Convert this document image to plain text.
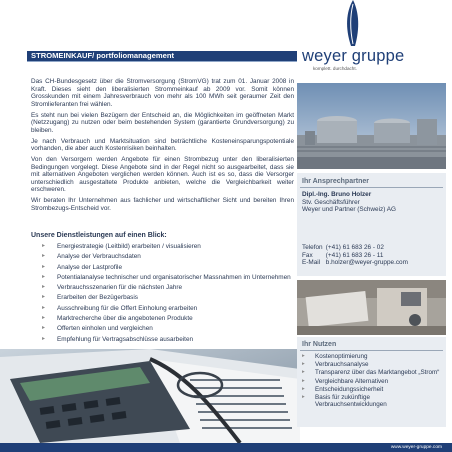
weyer gruppe
komplett. durchdacht.
STROMEINKAUF/ portfoliomanagement

Das CH-Bundesgesetz über die Stromversorgung (StromVG) trat zum 01. Januar 2008 in Kraft. Dieses sieht den liberalisierten Strommeinkauf ab 2009 vor. Somit können Grosskunden mit einem Jahresverbrauch von mehr als 100 MWh seit geraumer Zeit den Stromlieferanten frei wählen.

Es steht nun bei vielen Bezügern der Entscheid an, die Möglichkeiten im geöffneten Markt (Netzzugang) zu nutzen oder beim bestehenden System (garantierte Grundversorgung) zu bleiben.

Je nach Verbrauch und Marktsituation sind beträchtliche Kosteneinsparungspotentiale vorhanden, die aber auch Kostenrisiken beinhalten.

Von den Versorgern werden Angebote für einen Strombezug unter den liberalisierten Bedingungen vorgelegt. Diese Angebote sind in der Regel nicht so ausgearbeitet, dass sie mit alternativen Angeboten verglichen werden können. Auch ist es so, dass die Versorger unterschiedlich ausgestaltete Produkte anbieten, welche die Vergleichbarkeit weiter erschweren.

Wir beraten Ihr Unternehmen aus fachlicher und wirtschaftlicher Sicht und bereiten Ihren Strombezugs-Entscheid vor.

Unsere Dienstleistungen auf einen Blick:
▸ Energiestrategie (Leitbild) erarbeiten / visualisieren
▸ Analyse der Verbrauchsdaten
▸ Analyse der Lastprofile
▸ Potentialanalyse technischer und organisatorischer Massnahmen im Unternehmen
▸ Verbrauchsszenarien für die nächsten Jahre
▸ Erarbeiten der Bezügerbasis
▸ Ausschreibung für die Offert Einholung erarbeiten
▸ Marktrecherche über die angebotenen Produkte
▸ Offerten einholen und vergleichen
▸ Empfehlung für Vertragsabschlüsse ausarbeiten
Ihr Ansprechpartner
Dipl.-Ing. Bruno Holzer
Stv. Geschäftsführer
Weyer und Partner (Schweiz) AG
Telefon (+41) 61 683 26 - 02
Fax (+41) 61 683 26 - 11
E-Mail b.holzer@weyer-gruppe.com
Ihr Nutzen
▸ Kostenoptimierung
▸ Verbrauchsanalyse
▸ Transparenz über das Marktangebot „Strom“
▸ Vergleichbare Alternativen
▸ Entscheidungssicherheit
▸ Basis für zukünftige Verbrauchsentwicklungen
www.weyer-gruppe.com
